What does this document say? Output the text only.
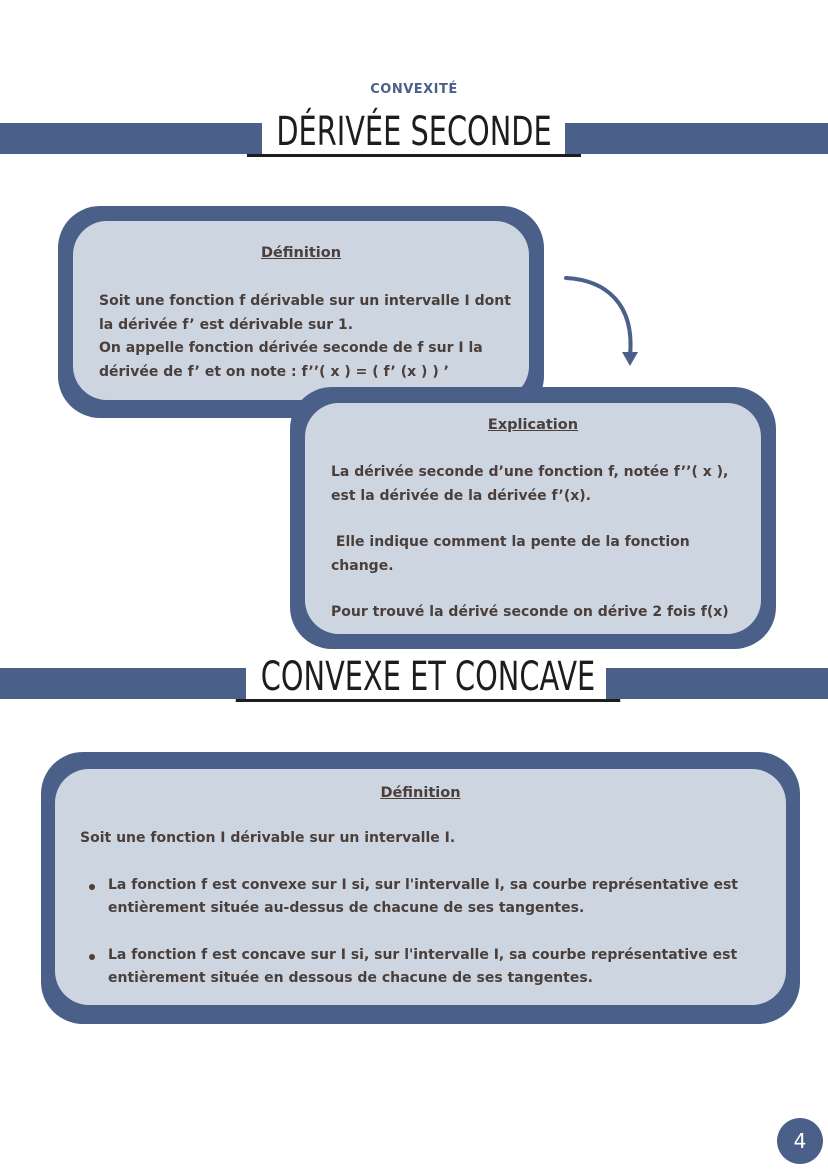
CONVEXITÉ
DÉRIVÉE SECONDE
Définition

Soit une fonction f dérivable sur un intervalle I dont

la dérivée f’ est dérivable sur 1.

On appelle fonction dérivée seconde de f sur I la

dérivée de f’ et on note : f’’( x ) = ( f’ (x ) ) ’

Explication

La dérivée seconde d’une fonction f, notée f’’( x ), est la dérivée de la dérivée f’(x).

Elle indique comment la pente de la fonction change.

Pour trouvé la dérivé seconde on dérive 2 fois f(x)

CONVEXE ET CONCAVE
Définition

Soit une fonction I dérivable sur un intervalle I.

La fonction f est convexe sur I si, sur l'intervalle I, sa courbe représentative est entièrement située au-dessus de chacune de ses tangentes.
La fonction f est concave sur I si, sur l'intervalle I, sa courbe représentative est entièrement située en dessous de chacune de ses tangentes.
4
